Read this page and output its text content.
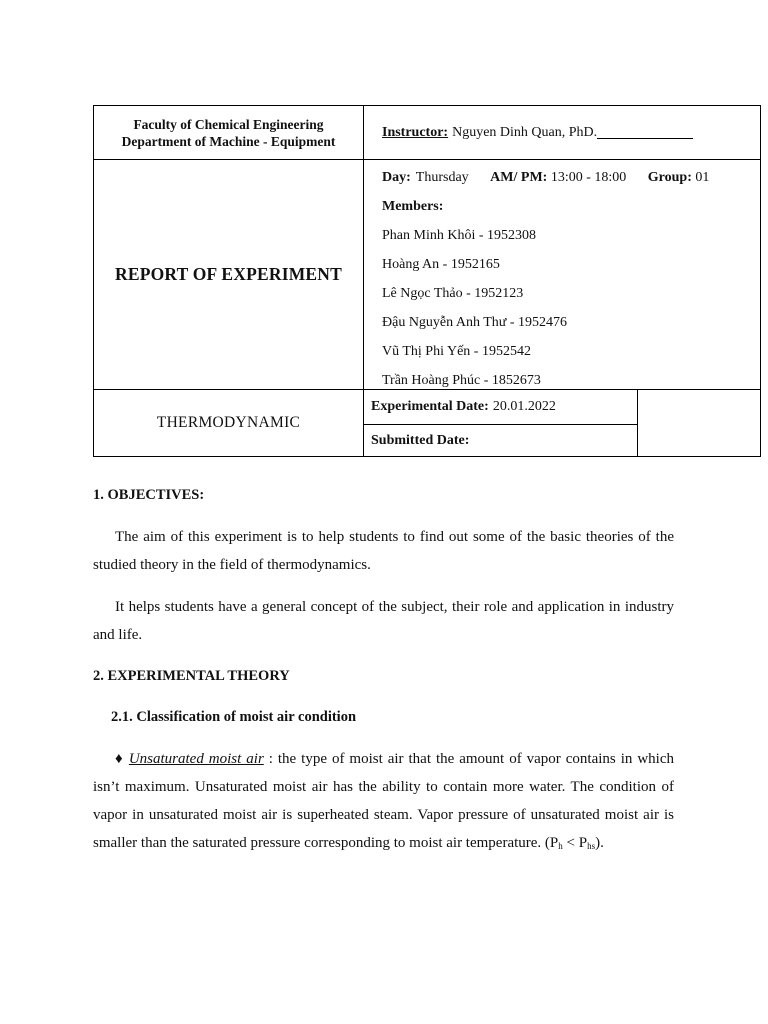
Faculty of Chemical Engineering
Department of Machine - Equipment
Instructor: Nguyen Dinh Quan, PhD.
REPORT OF EXPERIMENT
Day: Thursday AM/ PM: 13:00 - 18:00 Group: 01
Members:
Phan Minh Khôi - 1952308
Hoàng An - 1952165
Lê Ngọc Thảo - 1952123
Đậu Nguyễn Anh Thư - 1952476
Vũ Thị Phi Yến - 1952542
Trần Hoàng Phúc - 1852673
THERMODYNAMIC
Experimental Date: 20.01.2022
Submitted Date:
1. OBJECTIVES:

The aim of this experiment is to help students to find out some of the basic theories of the studied theory in the field of thermodynamics.

It helps students have a general concept of the subject, their role and application in industry and life.

2. EXPERIMENTAL THEORY
2.1. Classification of moist air condition

♦ Unsaturated moist air : the type of moist air that the amount of vapor contains in which isn’t maximum. Unsaturated moist air has the ability to contain more water. The condition of vapor in unsaturated moist air is superheated steam. Vapor pressure of unsaturated moist air is smaller than the saturated pressure corresponding to moist air temperature. $(P_h < P_{hs})$.
